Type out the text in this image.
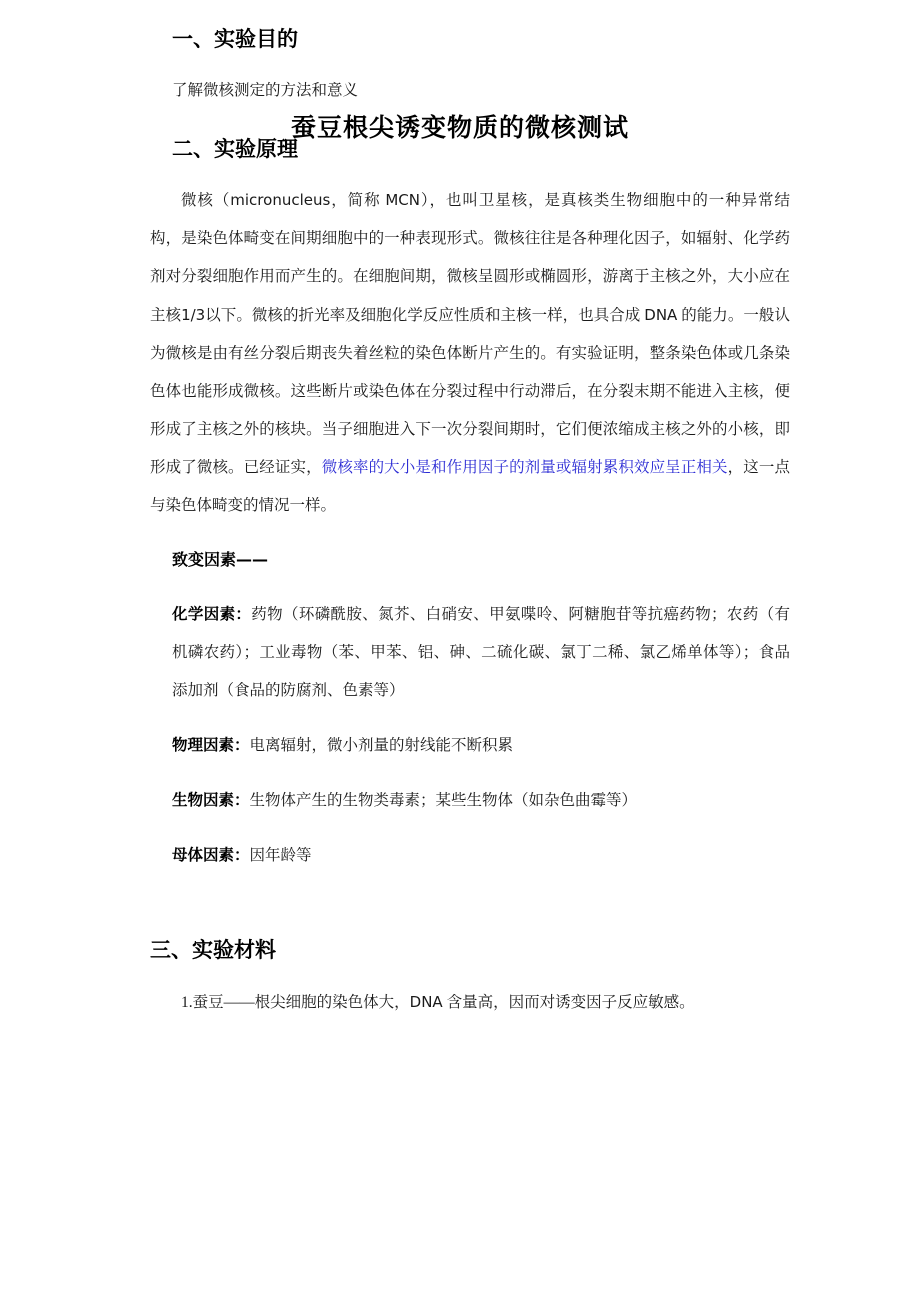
蚕豆根尖诱变物质的微核测试
一、实验目的

了解微核测定的方法和意义

二、实验原理

微核（micronucleus，简称 MCN），也叫卫星核，是真核类生物细胞中的一种异常结构，是染色体畸变在间期细胞中的一种表现形式。微核往往是各种理化因子，如辐射、化学药剂对分裂细胞作用而产生的。在细胞间期，微核呈圆形或椭圆形，游离于主核之外，大小应在主核1/3以下。微核的折光率及细胞化学反应性质和主核一样，也具合成 DNA 的能力。一般认为微核是由有丝分裂后期丧失着丝粒的染色体断片产生的。有实验证明，整条染色体或几条染色体也能形成微核。这些断片或染色体在分裂过程中行动滞后，在分裂末期不能进入主核，便形成了主核之外的核块。当子细胞进入下一次分裂间期时，它们便浓缩成主核之外的小核，即形成了微核。已经证实，微核率的大小是和作用因子的剂量或辐射累积效应呈正相关，这一点与染色体畸变的情况一样。

致变因素——

化学因素：药物（环磷酰胺、氮芥、白硝安、甲氨喋呤、阿糖胞苷等抗癌药物；农药（有机磷农药）；工业毒物（苯、甲苯、铝、砷、二硫化碳、氯丁二稀、氯乙烯单体等）；食品添加剂（食品的防腐剂、色素等）

物理因素：电离辐射，微小剂量的射线能不断积累

生物因素：生物体产生的生物类毒素；某些生物体（如杂色曲霉等）

母体因素：因年龄等

三、实验材料

1.蚕豆——根尖细胞的染色体大，DNA 含量高，因而对诱变因子反应敏感。
